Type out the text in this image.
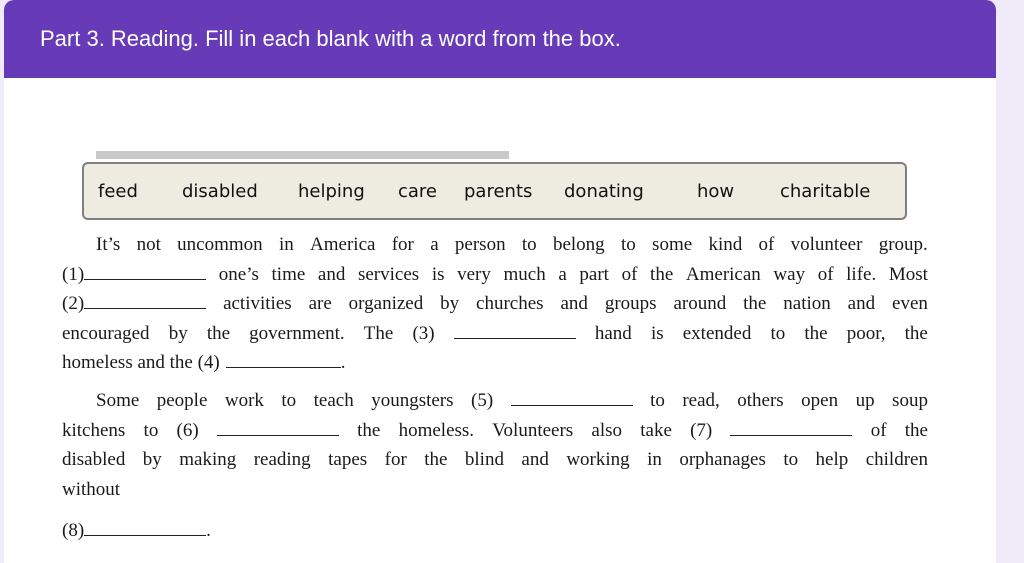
Part 3. Reading. Fill in each blank with a word from the box.
feed disabled helping care parents donating	how	charitable
It’s not uncommon in America for a person to belong to some kind of volunteer group.
(1)	one’s time and services is very much a part of the American way of life. Most
(2)	activities are organized by churches and groups around the nation and even
encouraged by the government. The (3)	hand is extended to the poor, the
homeless and the (4)	.
Some people work to teach youngsters (5)	to read, others open up soup
kitchens to (6)	the homeless. Volunteers also take (7)	of the
disabled by making reading tapes for the blind and working in orphanages to help children
without
(8)	.
